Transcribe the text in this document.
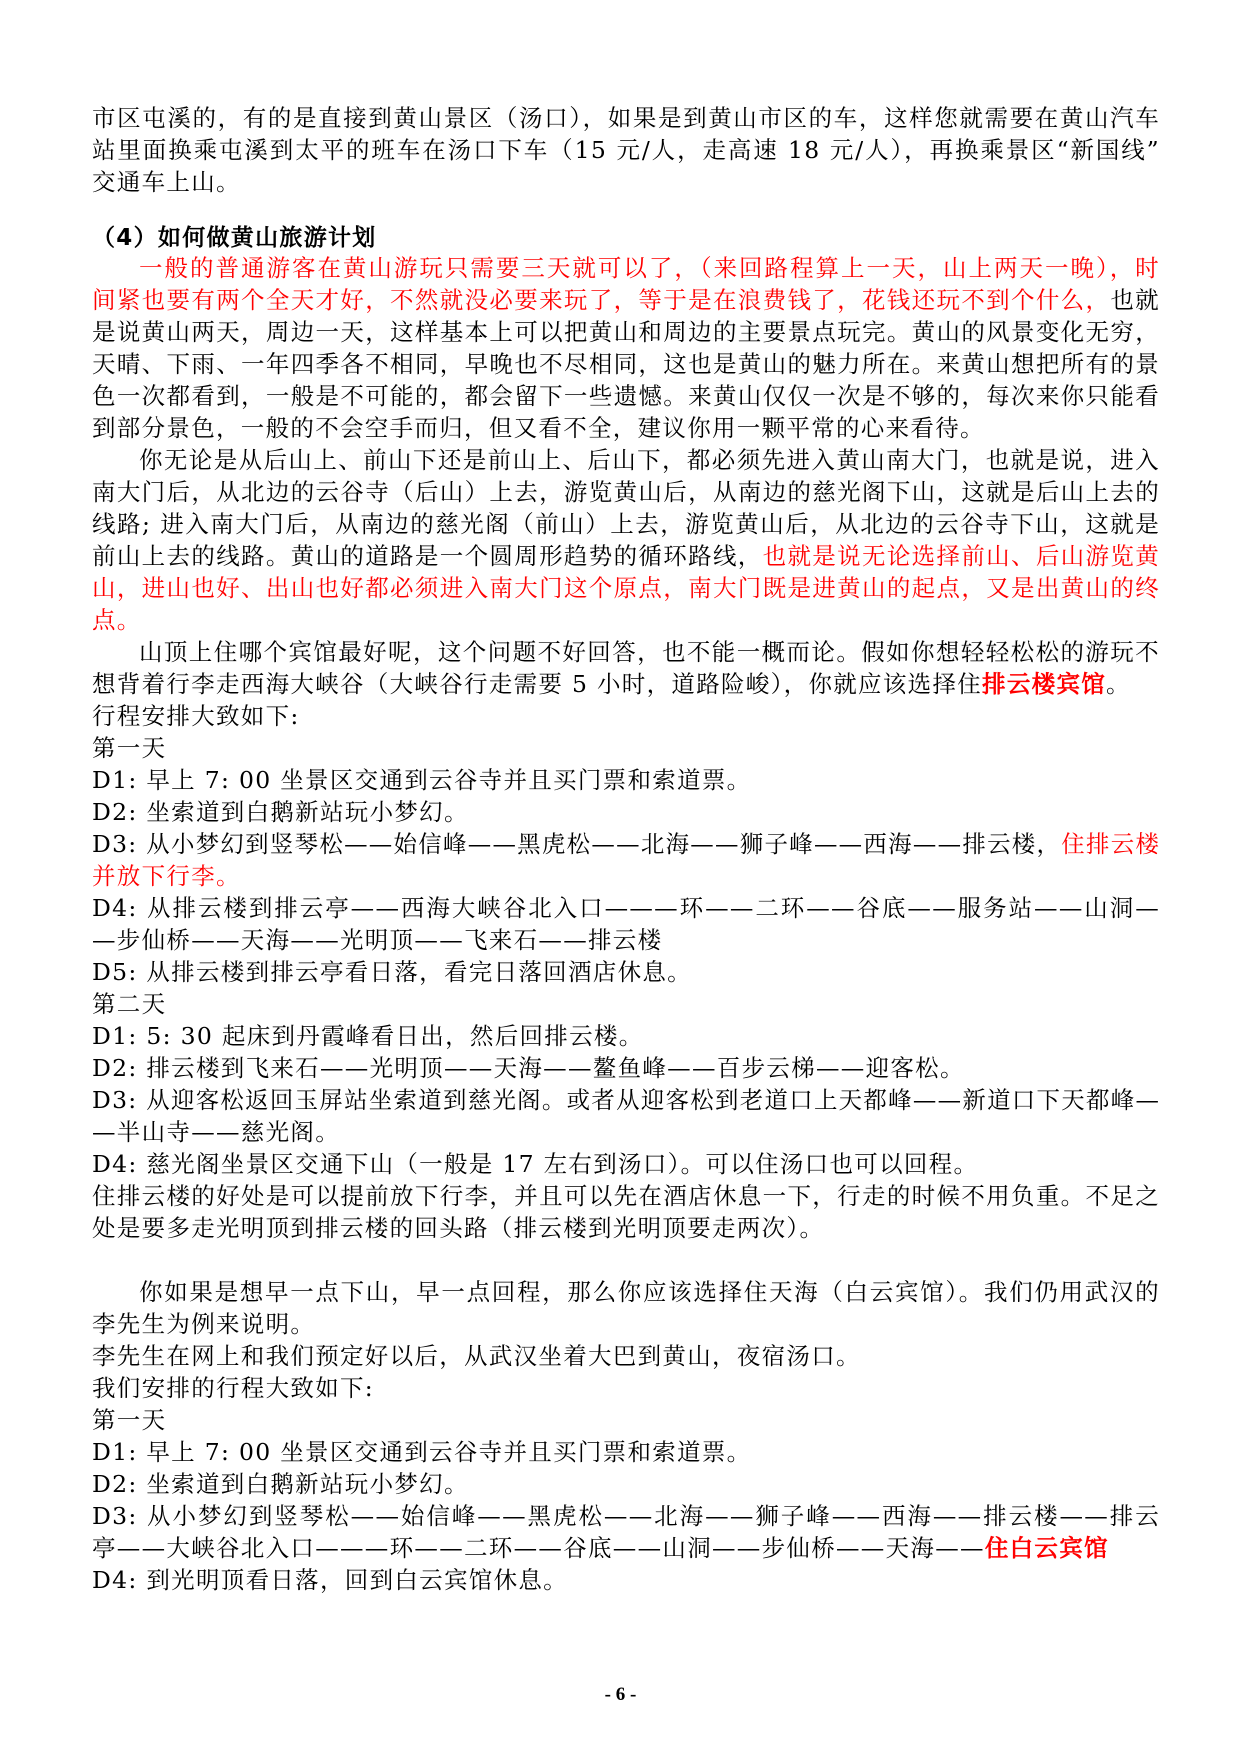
市区屯溪的，有的是直接到黄山景区（汤口），如果是到黄山市区的车，这样您就需要在黄山汽车
站里面换乘屯溪到太平的班车在汤口下车（15 元/人，走高速 18 元/人），再换乘景区“新国线”
交通车上山。
（4）如何做黄山旅游计划
一般的普通游客在黄山游玩只需要三天就可以了，（来回路程算上一天，山上两天一晚），时
间紧也要有两个全天才好，不然就没必要来玩了，等于是在浪费钱了，花钱还玩不到个什么，也就
是说黄山两天，周边一天，这样基本上可以把黄山和周边的主要景点玩完。黄山的风景变化无穷，
天晴、下雨、一年四季各不相同，早晚也不尽相同，这也是黄山的魅力所在。来黄山想把所有的景
色一次都看到，一般是不可能的，都会留下一些遗憾。来黄山仅仅一次是不够的，每次来你只能看
到部分景色，一般的不会空手而归，但又看不全，建议你用一颗平常的心来看待。
你无论是从后山上、前山下还是前山上、后山下，都必须先进入黄山南大门，也就是说，进入
南大门后，从北边的云谷寺（后山）上去，游览黄山后，从南边的慈光阁下山，这就是后山上去的
线路; 进入南大门后，从南边的慈光阁（前山）上去，游览黄山后，从北边的云谷寺下山，这就是
前山上去的线路。黄山的道路是一个圆周形趋势的循环路线，也就是说无论选择前山、后山游览黄
山，进山也好、出山也好都必须进入南大门这个原点，南大门既是进黄山的起点，又是出黄山的终
点。
山顶上住哪个宾馆最好呢，这个问题不好回答，也不能一概而论。假如你想轻轻松松的游玩不
想背着行李走西海大峡谷（大峡谷行走需要 5 小时，道路险峻），你就应该选择住排云楼宾馆。
行程安排大致如下:
第一天
D1: 早上 7: 00 坐景区交通到云谷寺并且买门票和索道票。
D2: 坐索道到白鹅新站玩小梦幻。
D3: 从小梦幻到竖琴松——始信峰——黑虎松——北海——狮子峰——西海——排云楼，住排云楼
并放下行李。
D4: 从排云楼到排云亭——西海大峡谷北入口———环——二环——谷底——服务站——山洞—
—步仙桥——天海——光明顶——飞来石——排云楼
D5: 从排云楼到排云亭看日落，看完日落回酒店休息。
第二天
D1: 5: 30 起床到丹霞峰看日出，然后回排云楼。
D2: 排云楼到飞来石——光明顶——天海——鳌鱼峰——百步云梯——迎客松。
D3: 从迎客松返回玉屏站坐索道到慈光阁。或者从迎客松到老道口上天都峰——新道口下天都峰—
—半山寺——慈光阁。
D4: 慈光阁坐景区交通下山（一般是 17 左右到汤口）。可以住汤口也可以回程。
住排云楼的好处是可以提前放下行李，并且可以先在酒店休息一下，行走的时候不用负重。不足之
处是要多走光明顶到排云楼的回头路（排云楼到光明顶要走两次）。
你如果是想早一点下山，早一点回程，那么你应该选择住天海（白云宾馆）。我们仍用武汉的
李先生为例来说明。
李先生在网上和我们预定好以后，从武汉坐着大巴到黄山，夜宿汤口。
我们安排的行程大致如下:
第一天
D1: 早上 7: 00 坐景区交通到云谷寺并且买门票和索道票。
D2: 坐索道到白鹅新站玩小梦幻。
D3: 从小梦幻到竖琴松——始信峰——黑虎松——北海——狮子峰——西海——排云楼——排云
亭——大峡谷北入口———环——二环——谷底——山洞——步仙桥——天海——住白云宾馆
D4: 到光明顶看日落，回到白云宾馆休息。
- 6 -
